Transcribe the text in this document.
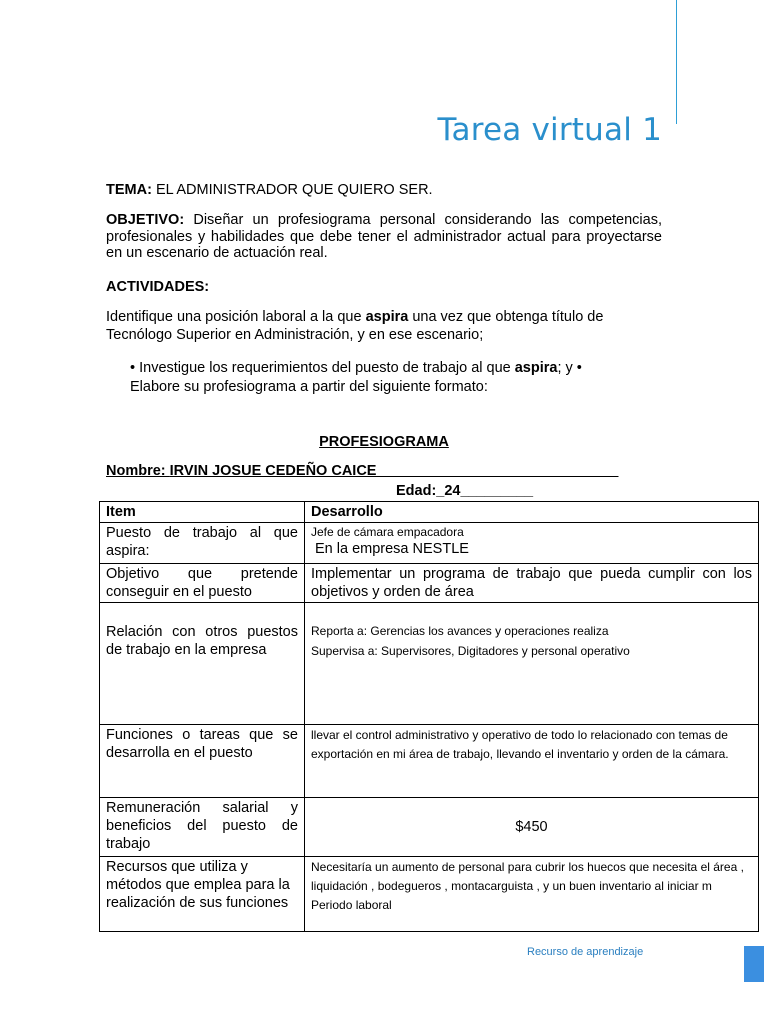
Tarea virtual 1
TEMA: EL ADMINISTRADOR QUE QUIERO SER.
OBJETIVO: Diseñar un profesiograma personal considerando las competencias, profesionales y habilidades que debe tener el administrador actual para proyectarse en un escenario de actuación real.
ACTIVIDADES:
Identifique una posición laboral a la que aspira una vez que obtenga título de Tecnólogo Superior en Administración, y en ese escenario;
• Investigue los requerimientos del puesto de trabajo al que aspira; y • Elabore su profesiograma a partir del siguiente formato:
PROFESIOGRAMA
Nombre: IRVIN JOSUE CEDEÑO CAICE______________________________
Edad:_24_________
Item	Desarrollo
Puesto de trabajo al que aspira:	Jefe de cámara empacadora
En la empresa NESTLE

Objetivo que pretende conseguir en el puesto	Implementar un programa de trabajo que pueda cumplir con los objetivos y orden de área
Relación con otros puestos de trabajo en la empresa	Reporta a: Gerencias los avances y operaciones realiza
Supervisa a: Supervisores, Digitadores y personal operativo

Funciones o tareas que se desarrolla en el puesto	llevar el control administrativo y operativo de todo lo relacionado con temas de exportación en mi área de trabajo, llevando el inventario y orden de la cámara.
Remuneración salarial y beneficios del puesto de trabajo	$450
Recursos que utiliza y métodos que emplea para la realización de sus funciones	Necesitaría un aumento de personal para cubrir los huecos que necesita el área , liquidación , bodegueros , montacarguista , y un buen inventario al iniciar m Periodo laboral
Recurso de aprendizaje
